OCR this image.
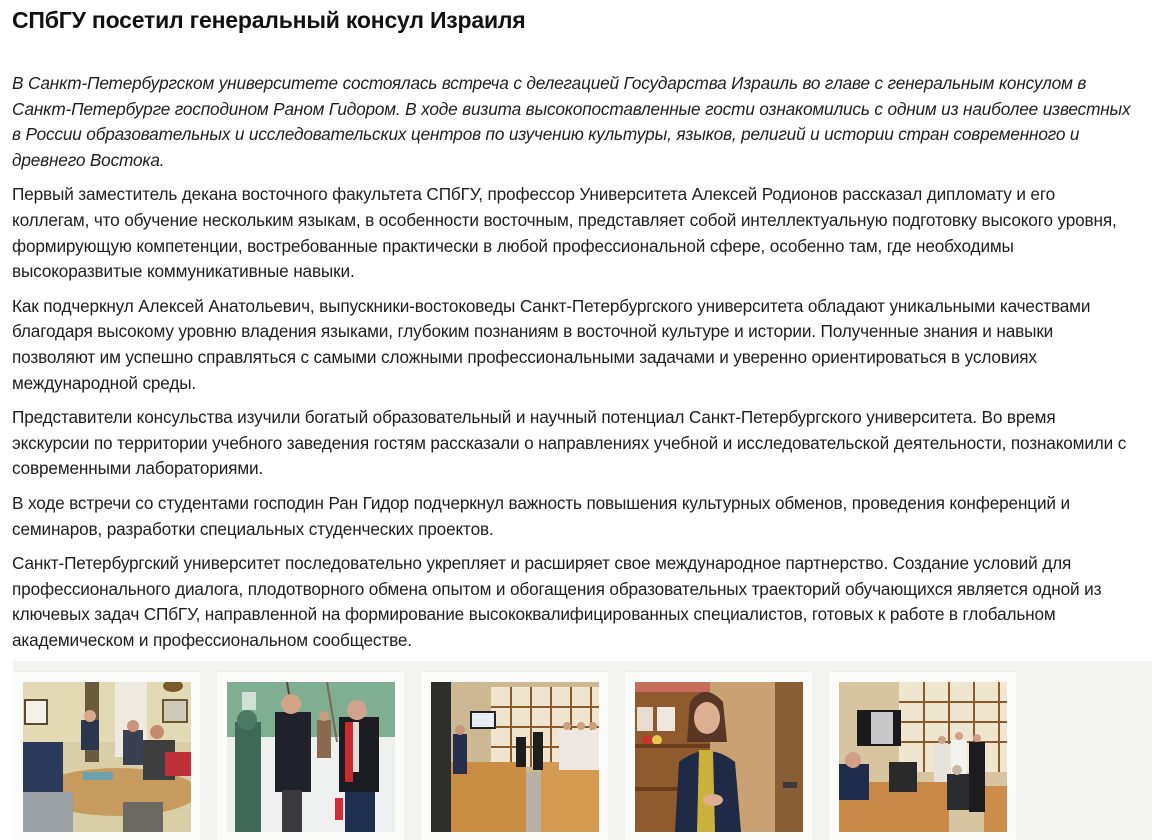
СПбГУ посетил генеральный консул Израиля

В Санкт-Петербургском университете состоялась встреча с делегацией Государства Израиль во главе с генеральным консулом в Санкт-Петербурге господином Раном Гидором. В ходе визита высокопоставленные гости ознакомились с одним из наиболее известных в России образовательных и исследовательских центров по изучению культуры, языков, религий и истории стран современного и древнего Востока.

Первый заместитель декана восточного факультета СПбГУ, профессор Университета Алексей Родионов рассказал дипломату и его коллегам, что обучение нескольким языкам, в особенности восточным, представляет собой интеллектуальную подготовку высокого уровня, формирующую компетенции, востребованные практически в любой профессиональной сфере, особенно там, где необходимы высокоразвитые коммуникативные навыки.

Как подчеркнул Алексей Анатольевич, выпускники-востоковеды Санкт-Петербургского университета обладают уникальными качествами благодаря высокому уровню владения языками, глубоким познаниям в восточной культуре и истории. Полученные знания и навыки позволяют им успешно справляться с самыми сложными профессиональными задачами и уверенно ориентироваться в условиях международной среды.

Представители консульства изучили богатый образовательный и научный потенциал Санкт-Петербургского университета. Во время экскурсии по территории учебного заведения гостям рассказали о направлениях учебной и исследовательской деятельности, познакомили с современными лабораториями.

В ходе встречи со студентами господин Ран Гидор подчеркнул важность повышения культурных обменов, проведения конференций и семинаров, разработки специальных студенческих проектов.

Санкт-Петербургский университет последовательно укрепляет и расширяет свое международное партнерство. Создание условий для профессионального диалога, плодотворного обмена опытом и обогащения образовательных траекторий обучающихся является одной из ключевых задач СПбГУ, направленной на формирование высококвалифицированных специалистов, готовых к работе в глобальном академическом и профессиональном сообществе.
